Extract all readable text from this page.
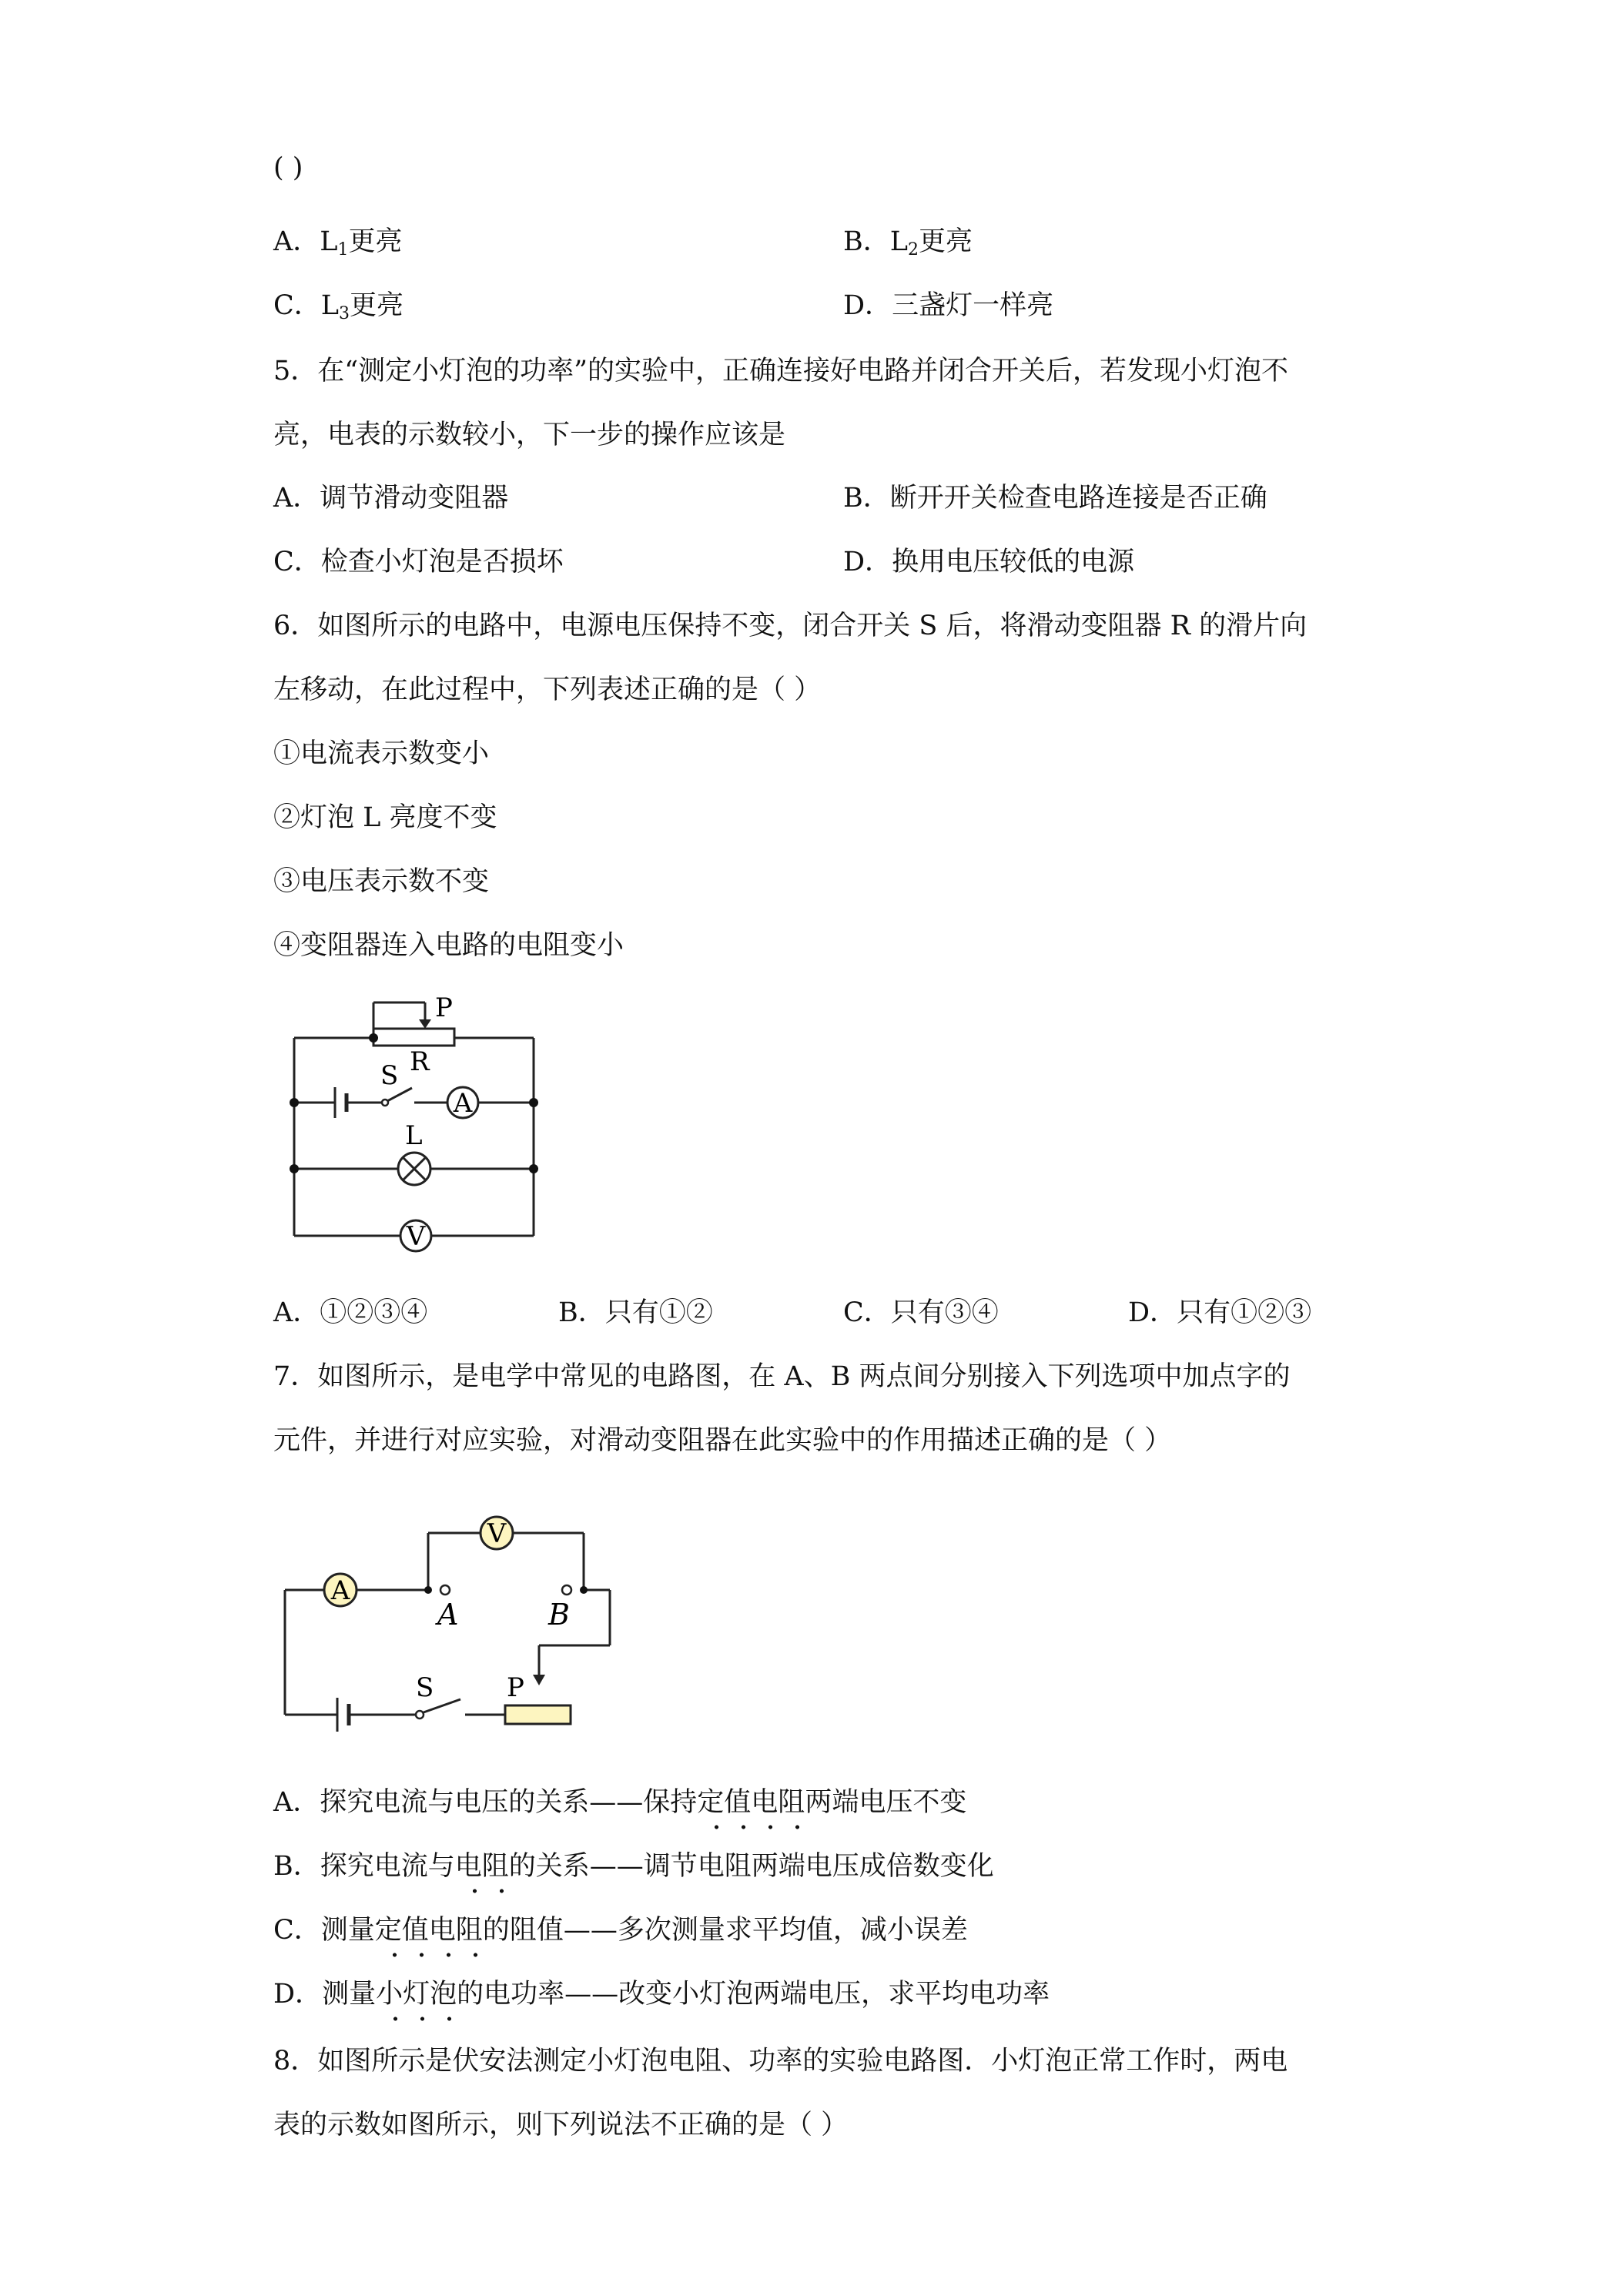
( )
A．$L_1$更亮	B．$L_2$更亮
C．$L_3$更亮	D．三盏灯一样亮
5．在“测定小灯泡的功率”的实验中，正确连接好电路并闭合开关后，若发现小灯泡不
亮，电表的示数较小，下一步的操作应该是
A．调节滑动变阻器	B．断开开关检查电路连接是否正确
C．检查小灯泡是否损坏	D．换用电压较低的电源
6．如图所示的电路中，电源电压保持不变，闭合开关 S 后，将滑动变阻器 R 的滑片向
左移动，在此过程中，下列表述正确的是（ ）
①电流表示数变小
②灯泡 L 亮度不变
③电压表示数不变
④变阻器连入电路的电阻变小
A
V
P
R
S
L
A．①②③④	B．只有①②	C．只有③④	D．只有①②③
7．如图所示，是电学中常见的电路图，在 A、B 两点间分别接入下列选项中加点字的
元件，并进行对应实验，对滑动变阻器在此实验中的作用描述正确的是（ ）
A
V
A	B
S	P
A．探究电流与电压的关系——保持定值电阻两端电压不变
B．探究电流与电阻的关系——调节电阻两端电压成倍数变化
C．测量定值电阻的阻值——多次测量求平均值，减小误差
D．测量小灯泡的电功率——改变小灯泡两端电压，求平均电功率
8．如图所示是伏安法测定小灯泡电阻、功率的实验电路图．小灯泡正常工作时，两电
表的示数如图所示，则下列说法不正确的是（ ）
